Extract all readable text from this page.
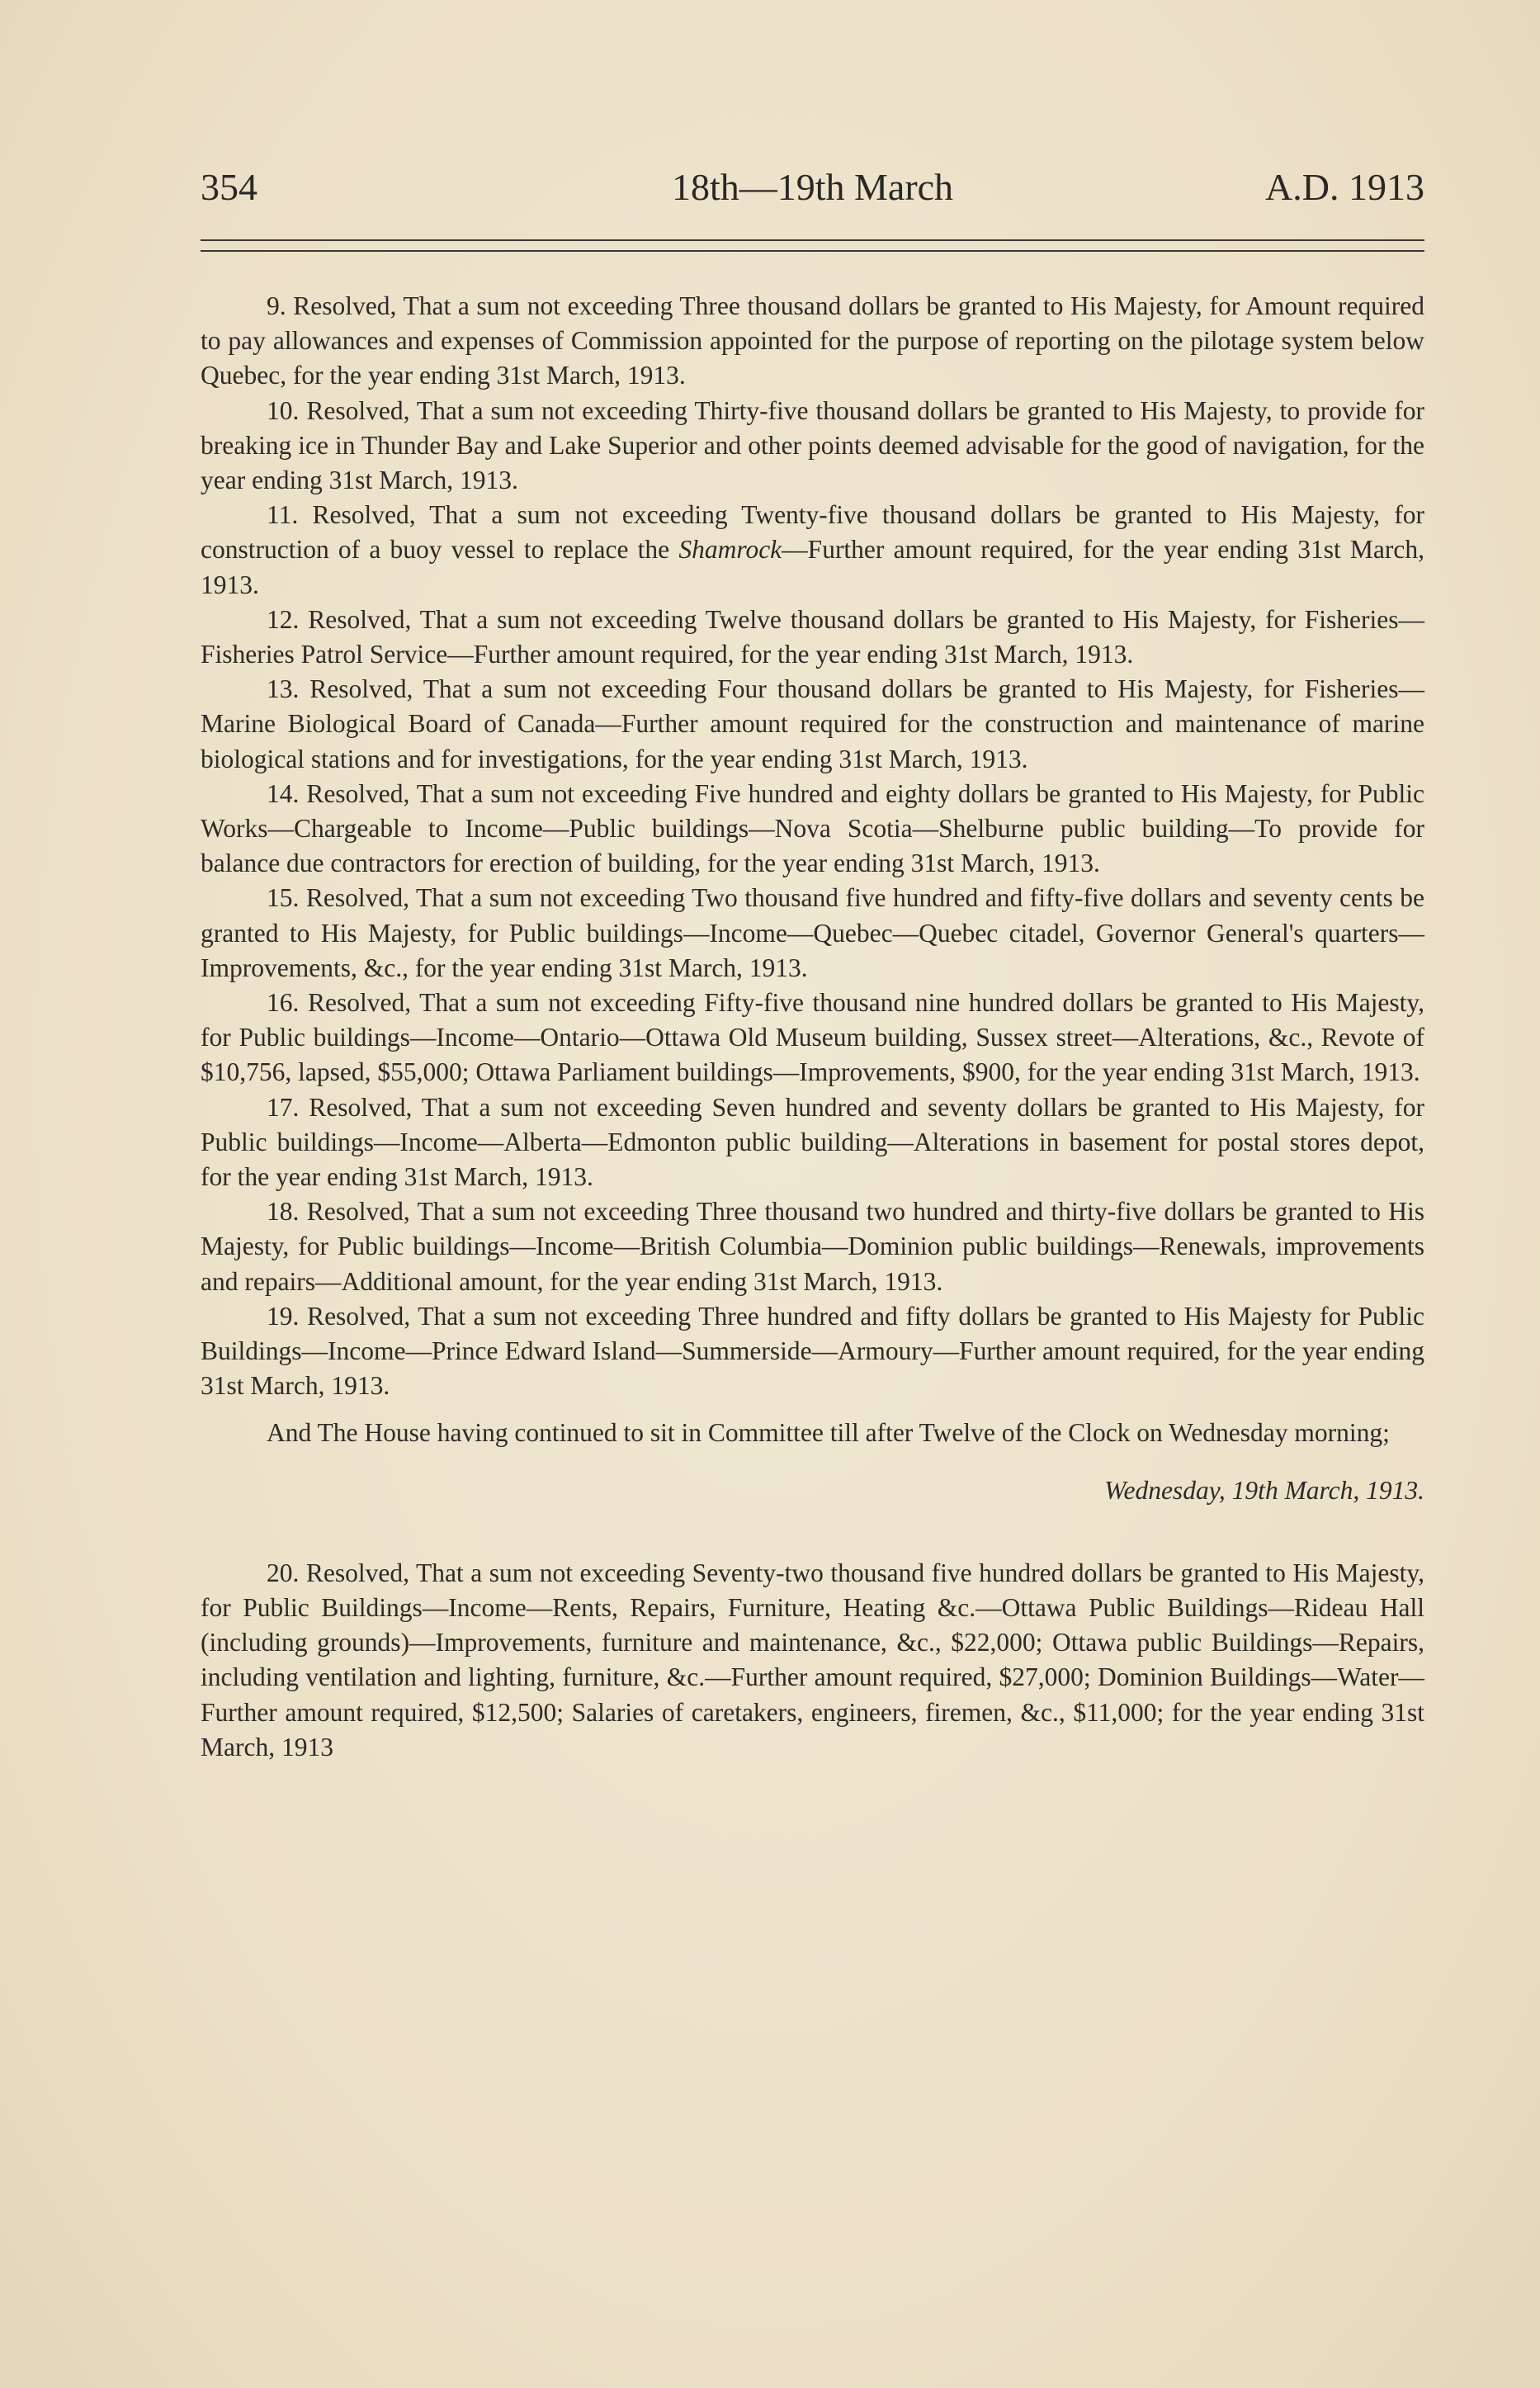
354	18th—19th March	A.D. 1913

9. Resolved, That a sum not exceeding Three thousand dollars be granted to His Majesty, for Amount required to pay allowances and expenses of Commission appointed for the purpose of reporting on the pilotage system below Quebec, for the year ending 31st March, 1913.

10. Resolved, That a sum not exceeding Thirty-five thousand dollars be granted to His Majesty, to provide for breaking ice in Thunder Bay and Lake Superior and other points deemed advisable for the good of navigation, for the year ending 31st March, 1913.

11. Resolved, That a sum not exceeding Twenty-five thousand dollars be granted to His Majesty, for construction of a buoy vessel to replace the Shamrock—Further amount required, for the year ending 31st March, 1913.

12. Resolved, That a sum not exceeding Twelve thousand dollars be granted to His Majesty, for Fisheries—Fisheries Patrol Service—Further amount required, for the year ending 31st March, 1913.

13. Resolved, That a sum not exceeding Four thousand dollars be granted to His Majesty, for Fisheries—Marine Biological Board of Canada—Further amount required for the construction and maintenance of marine biological stations and for investigations, for the year ending 31st March, 1913.

14. Resolved, That a sum not exceeding Five hundred and eighty dollars be granted to His Majesty, for Public Works—Chargeable to Income—Public buildings—Nova Scotia—Shelburne public building—To provide for balance due contractors for erection of building, for the year ending 31st March, 1913.

15. Resolved, That a sum not exceeding Two thousand five hundred and fifty-five dollars and seventy cents be granted to His Majesty, for Public buildings—Income—Quebec—Quebec citadel, Governor General's quarters—Improvements, &c., for the year ending 31st March, 1913.

16. Resolved, That a sum not exceeding Fifty-five thousand nine hundred dollars be granted to His Majesty, for Public buildings—Income—Ontario—Ottawa Old Museum building, Sussex street—Alterations, &c., Revote of $10,756, lapsed, $55,000; Ottawa Parliament buildings—Improvements, $900, for the year ending 31st March, 1913.

17. Resolved, That a sum not exceeding Seven hundred and seventy dollars be granted to His Majesty, for Public buildings—Income—Alberta—Edmonton public building—Alterations in basement for postal stores depot, for the year ending 31st March, 1913.

18. Resolved, That a sum not exceeding Three thousand two hundred and thirty-five dollars be granted to His Majesty, for Public buildings—Income—British Columbia—Dominion public buildings—Renewals, improvements and repairs—Additional amount, for the year ending 31st March, 1913.

19. Resolved, That a sum not exceeding Three hundred and fifty dollars be granted to His Majesty for Public Buildings—Income—Prince Edward Island—Summerside—Armoury—Further amount required, for the year ending 31st March, 1913.

And The House having continued to sit in Committee till after Twelve of the Clock on Wednesday morning;

Wednesday, 19th March, 1913.

20. Resolved, That a sum not exceeding Seventy-two thousand five hundred dollars be granted to His Majesty, for Public Buildings—Income—Rents, Repairs, Furniture, Heating &c.—Ottawa Public Buildings—Rideau Hall (including grounds)—Improvements, furniture and maintenance, &c., $22,000; Ottawa public Buildings—Repairs, including ventilation and lighting, furniture, &c.—Further amount required, $27,000; Dominion Buildings—Water—Further amount required, $12,500; Salaries of caretakers, engineers, firemen, &c., $11,000; for the year ending 31st March, 1913
